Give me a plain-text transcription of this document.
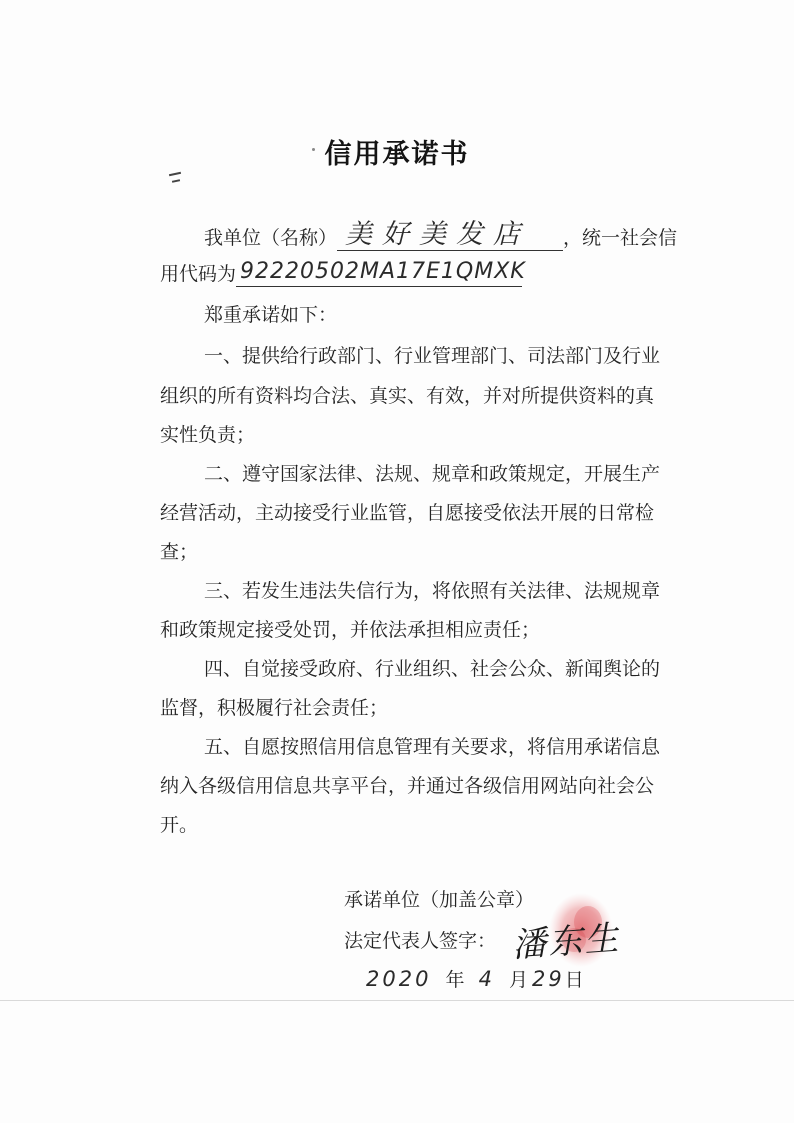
信用承诺书
我单位（名称） 美好美发店 ，统一社会信
用代码为 92220502MA17E1QMXK
郑重承诺如下：
一、提供给行政部门、行业管理部门、司法部门及行业
组织的所有资料均合法、真实、有效，并对所提供资料的真
实性负责；
二、遵守国家法律、法规、规章和政策规定，开展生产
经营活动，主动接受行业监管，自愿接受依法开展的日常检
查；
三、若发生违法失信行为，将依照有关法律、法规规章
和政策规定接受处罚，并依法承担相应责任；
四、自觉接受政府、行业组织、社会公众、新闻舆论的
监督，积极履行社会责任；
五、自愿按照信用信息管理有关要求，将信用承诺信息
纳入各级信用信息共享平台，并通过各级信用网站向社会公
开。
承诺单位（加盖公章）
法定代表人签字： 潘东生
2020 年 4 月 29日
